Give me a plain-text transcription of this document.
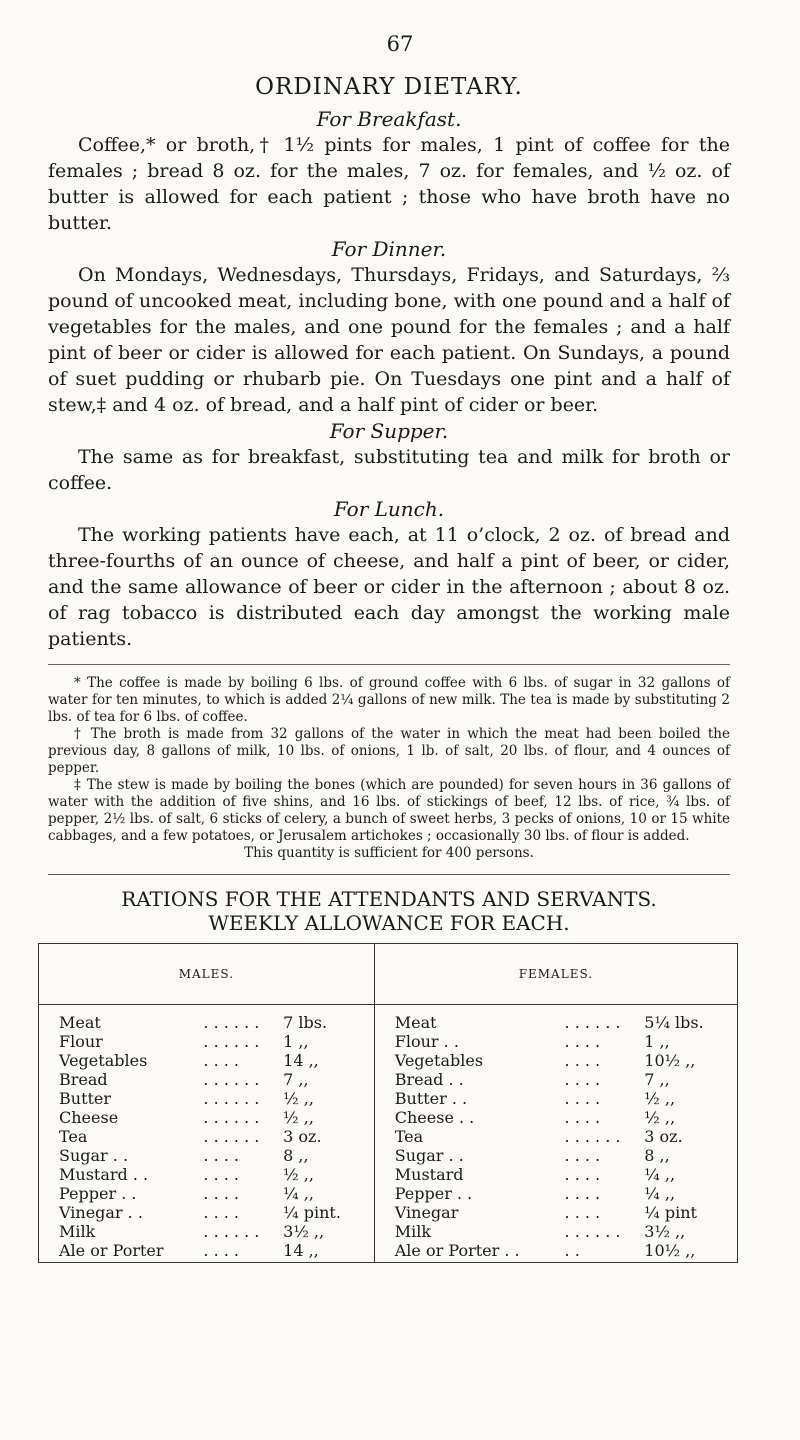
67
ORDINARY DIETARY.
For Breakfast.

Coffee,* or broth,† 1½ pints for males, 1 pint of coffee for the females ; bread 8 oz. for the males, 7 oz. for females, and ½ oz. of butter is allowed for each patient ; those who have broth have no butter.

For Dinner.

On Mondays, Wednesdays, Thursdays, Fridays, and Saturdays, ⅔ pound of uncooked meat, including bone, with one pound and a half of vegetables for the males, and one pound for the females ; and a half pint of beer or cider is allowed for each patient. On Sundays, a pound of suet pudding or rhubarb pie. On Tuesdays one pint and a half of stew,‡ and 4 oz. of bread, and a half pint of cider or beer.

For Supper.

The same as for breakfast, substituting tea and milk for broth or coffee.

For Lunch.

The working patients have each, at 11 o’clock, 2 oz. of bread and three-fourths of an ounce of cheese, and half a pint of beer, or cider, and the same allowance of beer or cider in the afternoon ; about 8 oz. of rag tobacco is distributed each day amongst the working male patients.

* The coffee is made by boiling 6 lbs. of ground coffee with 6 lbs. of sugar in 32 gallons of water for ten minutes, to which is added 2¼ gallons of new milk. The tea is made by substituting 2 lbs. of tea for 6 lbs. of coffee.

† The broth is made from 32 gallons of the water in which the meat had been boiled the previous day, 8 gallons of milk, 10 lbs. of onions, 1 lb. of salt, 20 lbs. of flour, and 4 ounces of pepper.

‡ The stew is made by boiling the bones (which are pounded) for seven hours in 36 gallons of water with the addition of five shins, and 16 lbs. of stickings of beef, 12 lbs. of rice, ¾ lbs. of pepper, 2½ lbs. of salt, 6 sticks of celery, a bunch of sweet herbs, 3 pecks of onions, 10 or 15 white cabbages, and a few potatoes, or Jerusalem artichokes ; occasionally 30 lbs. of flour is added.

This quantity is sufficient for 400 persons.

RATIONS FOR THE ATTENDANTS AND SERVANTS.
WEEKLY ALLOWANCE FOR EACH.
MALES.			FEMALES.		
Meat	. . . . . .	7 lbs.	Meat	. . . . . .	5¼ lbs.
Flour	. . . . . .	1 ,,	Flour . .	. . . .	1 ,,
Vegetables	. . . .	14 ,,	Vegetables	. . . .	10½ ,,
Bread	. . . . . .	7 ,,	Bread . .	. . . .	7 ,,
Butter	. . . . . .	½ ,,	Butter . .	. . . .	½ ,,
Cheese	. . . . . .	½ ,,	Cheese . .	. . . .	½ ,,
Tea	. . . . . .	3 oz.	Tea	. . . . . .	3 oz.
Sugar . .	. . . .	8 ,,	Sugar . .	. . . .	8 ,,
Mustard . .	. . . .	½ ,,	Mustard	. . . .	¼ ,,
Pepper . .	. . . .	¼ ,,	Pepper . .	. . . .	¼ ,,
Vinegar . .	. . . .	¼ pint.	Vinegar	. . . .	¼ pint
Milk	. . . . . .	3½ ,,	Milk	. . . . . .	3½ ,,
Ale or Porter	. . . .	14 ,,	Ale or Porter . .	. .	10½ ,,
